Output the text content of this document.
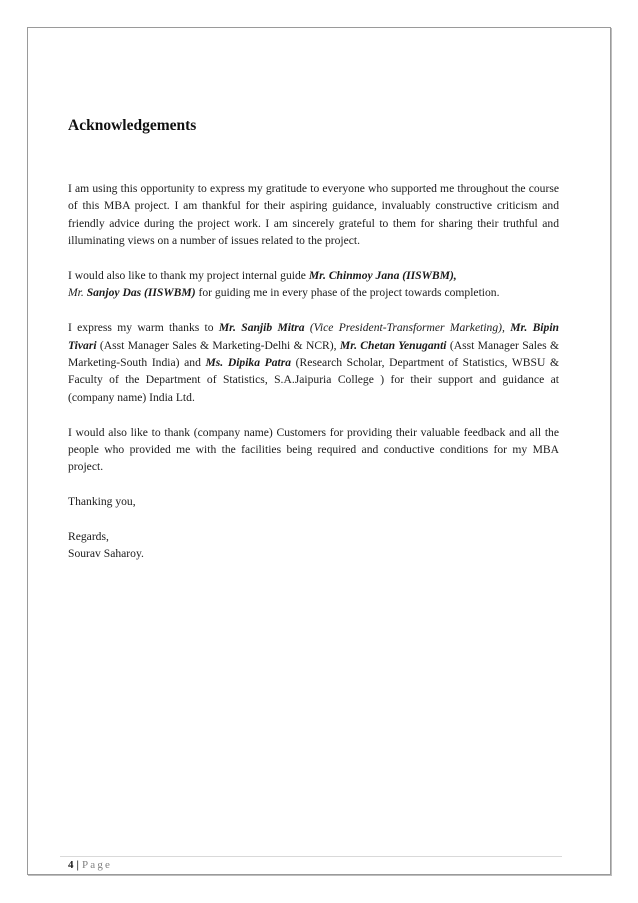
Acknowledgements

I am using this opportunity to express my gratitude to everyone who supported me throughout the course of this MBA project. I am thankful for their aspiring guidance, invaluably constructive criticism and friendly advice during the project work. I am sincerely grateful to them for sharing their truthful and illuminating views on a number of issues related to the project.

I would also like to thank my project internal guide Mr. Chinmoy Jana (IISWBM),

Mr. Sanjoy Das (IISWBM) for guiding me in every phase of the project towards completion.

I express my warm thanks to Mr. Sanjib Mitra (Vice President-Transformer Marketing), Mr. Bipin Tivari (Asst Manager Sales & Marketing-Delhi & NCR), Mr. Chetan Yenuganti (Asst Manager Sales & Marketing-South India) and Ms. Dipika Patra (Research Scholar, Department of Statistics, WBSU & Faculty of the Department of Statistics, S.A.Jaipuria College ) for their support and guidance at (company name) India Ltd.

I would also like to thank (company name) Customers for providing their valuable feedback and all the people who provided me with the facilities being required and conductive conditions for my MBA project.

Thanking you,

Regards,

Sourav Saharoy.

4 | Page
